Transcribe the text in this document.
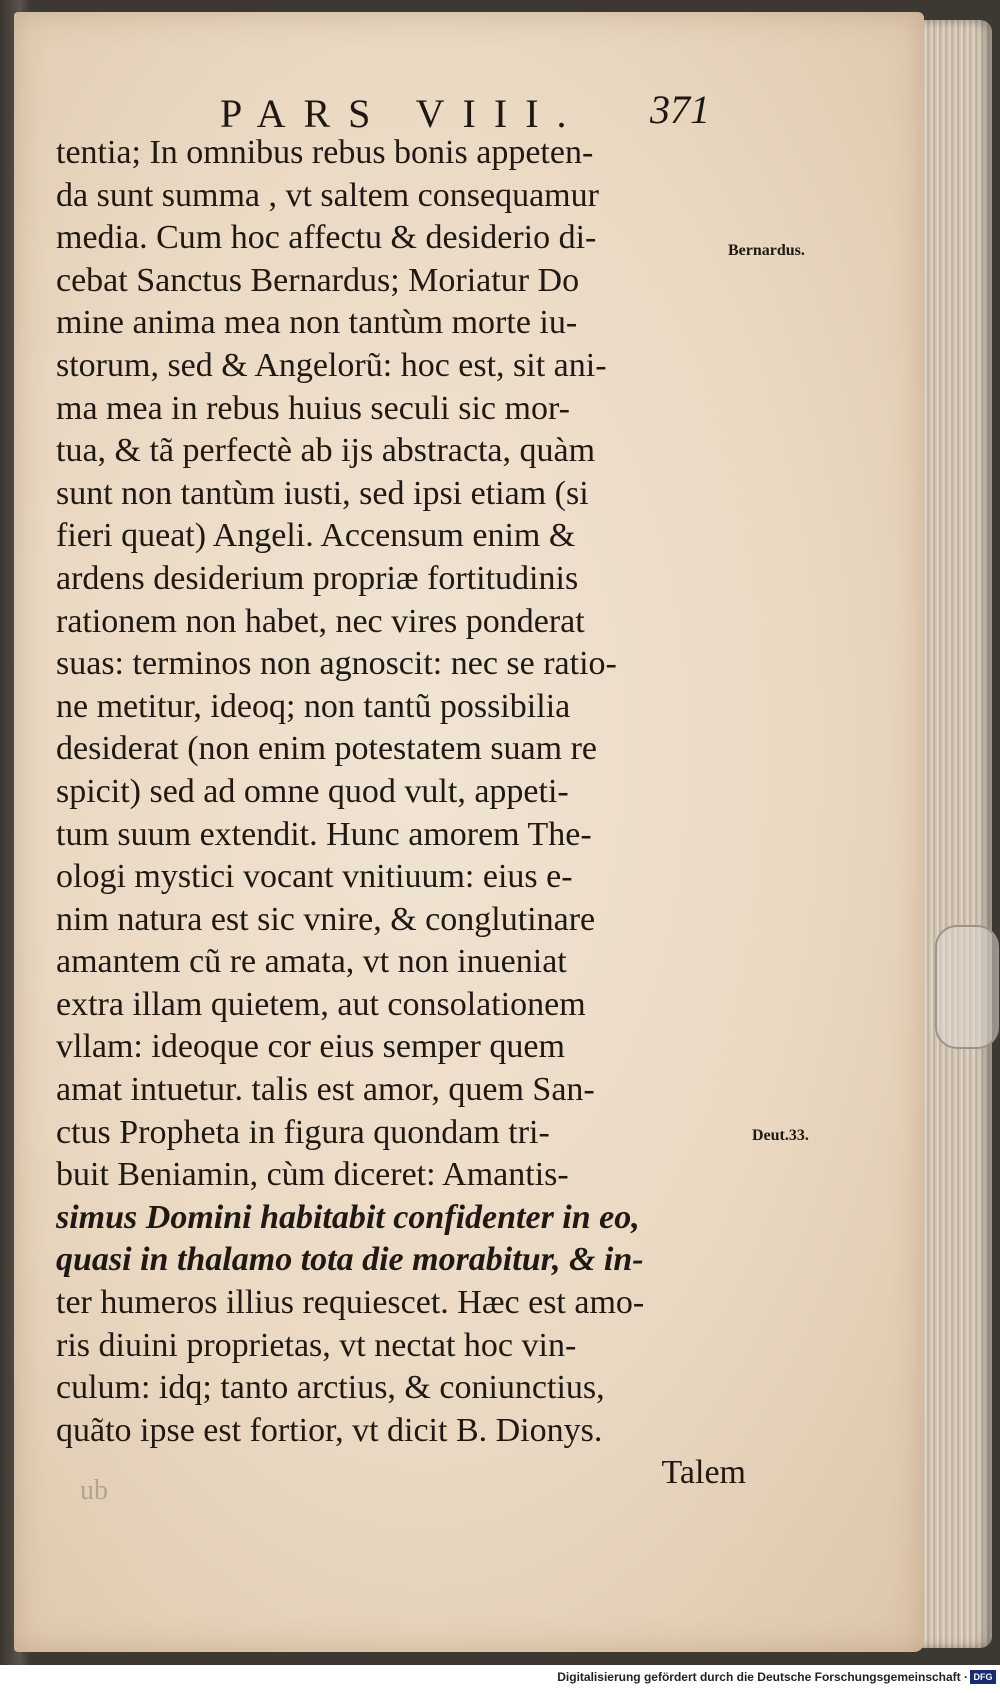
PARS VIII. 371
tentia; In omnibus rebus bonis appeten-
da sunt summa , vt saltem consequamur
media. Cum hoc affectu & desiderio di-
cebat Sanctus Bernardus; Moriatur Do
mine anima mea non tantùm morte iu-
storum, sed & Angelorũ: hoc est, sit ani-
ma mea in rebus huius seculi sic mor-
tua, & tã perfectè ab ijs abstracta, quàm
sunt non tantùm iusti, sed ipsi etiam (si
fieri queat) Angeli. Accensum enim &
ardens desiderium propriæ fortitudinis
rationem non habet, nec vires ponderat
suas: terminos non agnoscit: nec se ratio-
ne metitur, ideoq; non tantũ possibilia
desiderat (non enim potestatem suam re
spicit) sed ad omne quod vult, appeti-
tum suum extendit. Hunc amorem The-
ologi mystici vocant vnitiuum: eius e-
nim natura est sic vnire, & conglutinare
amantem cũ re amata, vt non inueniat
extra illam quietem, aut consolationem
vllam: ideoque cor eius semper quem
amat intuetur. talis est amor, quem San-
ctus Propheta in figura quondam tri-
buit Beniamin, cùm diceret: Amantis-
simus Domini habitabit confidenter in eo,
quasi in thalamo tota die morabitur, & in-
ter humeros illius requiescet. Hæc est amo-
ris diuini proprietas, vt nectat hoc vin-
culum: idq; tanto arctius, & coniunctius,
quãto ipse est fortior, vt dicit B. Dionys.
Talem
Bernardus.
Deut.33.
ub
Digitalisierung gefördert durch die Deutsche Forschungsgemeinschaft · DFG
